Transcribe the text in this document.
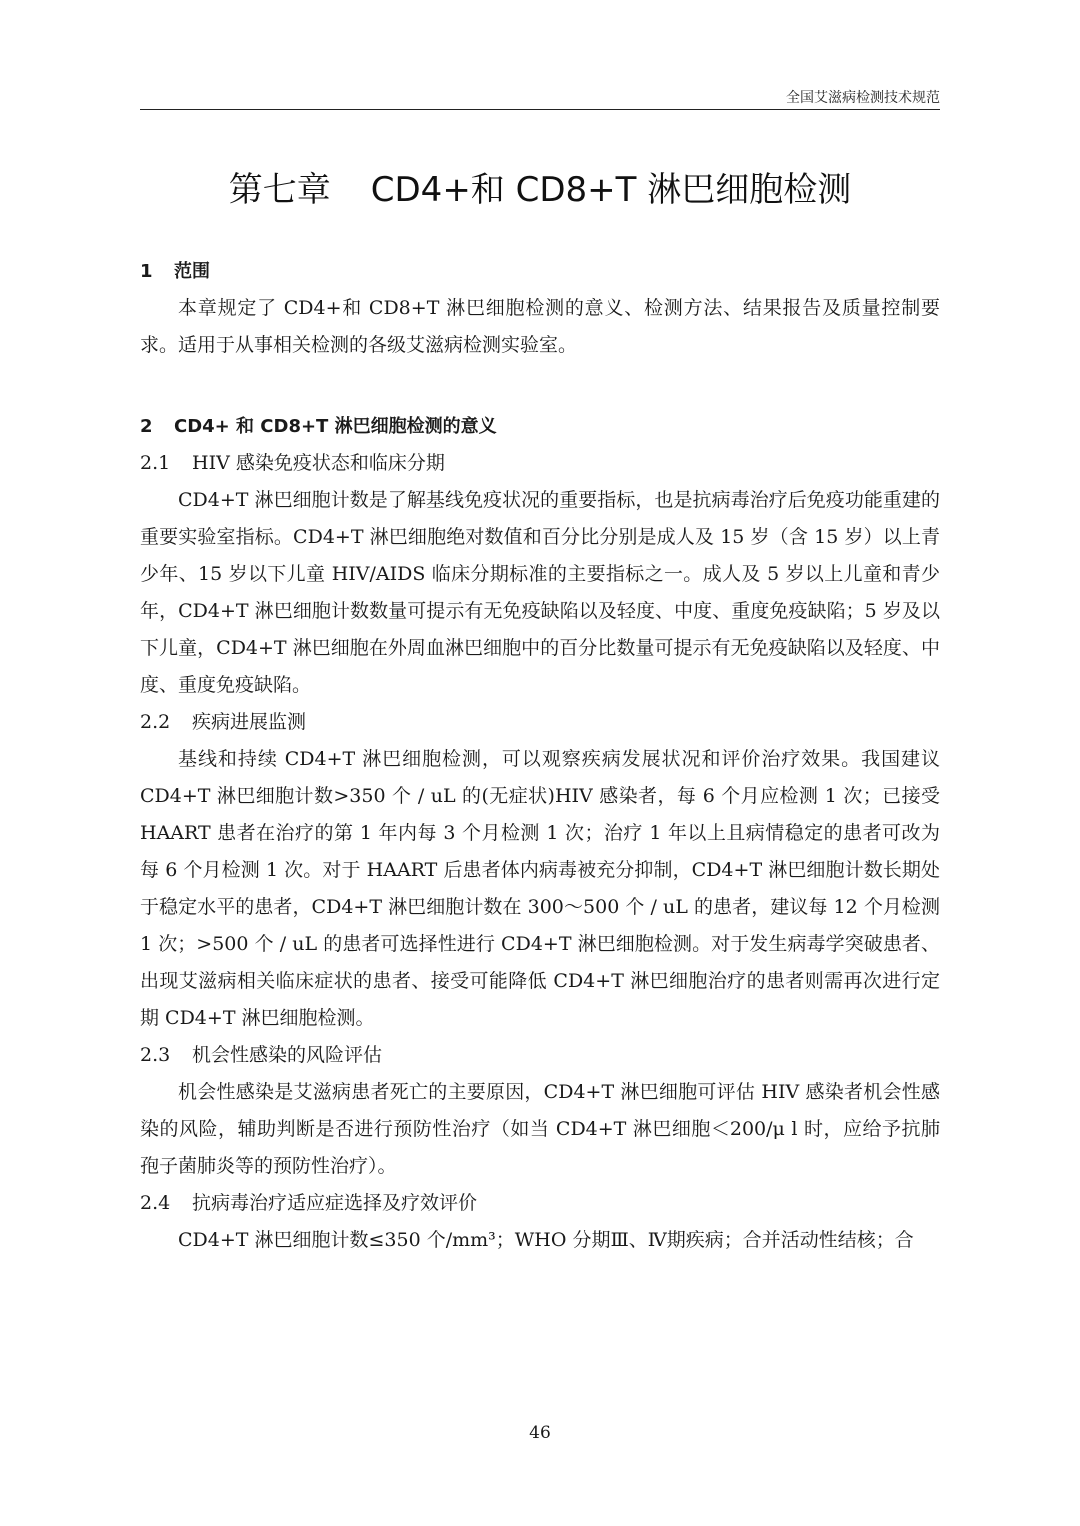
全国艾滋病检测技术规范
第七章 CD4+和 CD8+T 淋巴细胞检测
1 范围

本章规定了 CD4+和 CD8+T 淋巴细胞检测的意义、检测方法、结果报告及质量控制要求。适用于从事相关检测的各级艾滋病检测实验室。

2 CD4+ 和 CD8+T 淋巴细胞检测的意义
2.1 HIV 感染免疫状态和临床分期

CD4+T 淋巴细胞计数是了解基线免疫状况的重要指标，也是抗病毒治疗后免疫功能重建的重要实验室指标。CD4+T 淋巴细胞绝对数值和百分比分别是成人及 15 岁（含 15 岁）以上青少年、15 岁以下儿童 HIV/AIDS 临床分期标准的主要指标之一。成人及 5 岁以上儿童和青少年，CD4+T 淋巴细胞计数数量可提示有无免疫缺陷以及轻度、中度、重度免疫缺陷；5 岁及以下儿童，CD4+T 淋巴细胞在外周血淋巴细胞中的百分比数量可提示有无免疫缺陷以及轻度、中度、重度免疫缺陷。

2.2 疾病进展监测

基线和持续 CD4+T 淋巴细胞检测，可以观察疾病发展状况和评价治疗效果。我国建议 CD4+T 淋巴细胞计数>350 个 / uL 的(无症状)HIV 感染者，每 6 个月应检测 1 次；已接受 HAART 患者在治疗的第 1 年内每 3 个月检测 1 次；治疗 1 年以上且病情稳定的患者可改为每 6 个月检测 1 次。对于 HAART 后患者体内病毒被充分抑制，CD4+T 淋巴细胞计数长期处于稳定水平的患者，CD4+T 淋巴细胞计数在 300～500 个 / uL 的患者，建议每 12 个月检测 1 次；>500 个 / uL 的患者可选择性进行 CD4+T 淋巴细胞检测。对于发生病毒学突破患者、出现艾滋病相关临床症状的患者、接受可能降低 CD4+T 淋巴细胞治疗的患者则需再次进行定期 CD4+T 淋巴细胞检测。

2.3 机会性感染的风险评估

机会性感染是艾滋病患者死亡的主要原因，CD4+T 淋巴细胞可评估 HIV 感染者机会性感染的风险，辅助判断是否进行预防性治疗（如当 CD4+T 淋巴细胞＜200/μ l 时，应给予抗肺孢子菌肺炎等的预防性治疗）。

2.4 抗病毒治疗适应症选择及疗效评价

CD4+T 淋巴细胞计数≤350 个/mm³；WHO 分期Ⅲ、Ⅳ期疾病；合并活动性结核；合

46
